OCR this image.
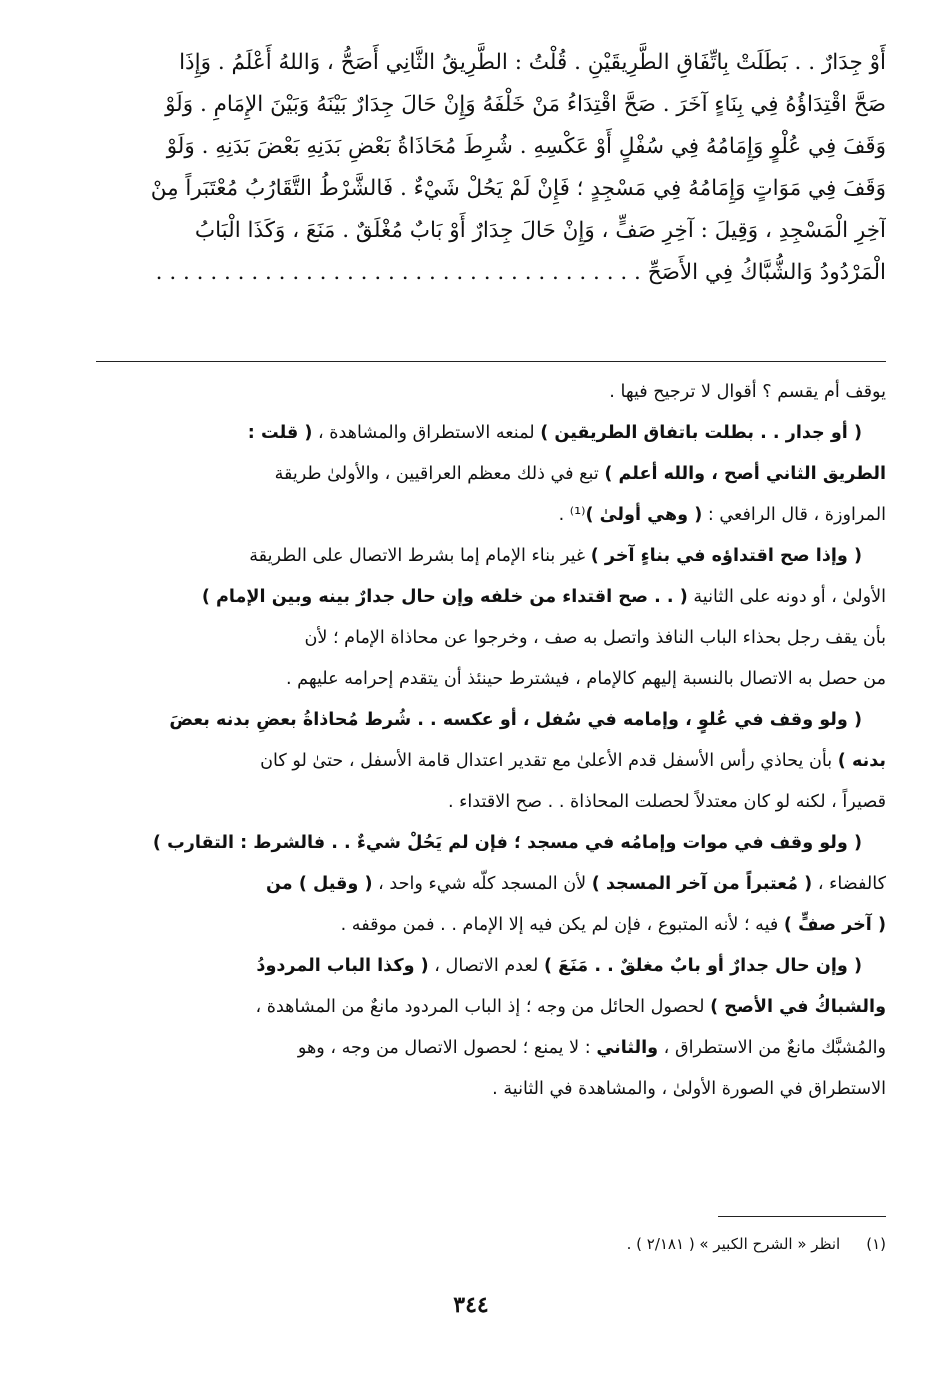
أَوْ جِدَارٌ . . بَطَلَتْ بِاتِّفَاقِ الطَّرِيقَيْنِ . قُلْتُ : الطَّرِيقُ الثَّانِي أَصَحُّ ، وَاللهُ أَعْلَمُ . وَإِذَا
صَحَّ اقْتِدَاؤُهُ فِي بِنَاءٍ آخَرَ . صَحَّ اقْتِدَاءُ مَنْ خَلْفَهُ وَإِنْ حَالَ جِدَارٌ بَيْنَهُ وَبَيْنَ الإِمَامِ . وَلَوْ
وَقَفَ فِي عُلْوٍ وَإِمَامُهُ فِي سُفْلٍ أَوْ عَكْسِهِ . شُرِطَ مُحَاذَاةُ بَعْضِ بَدَنِهِ بَعْضَ بَدَنِهِ . وَلَوْ
وَقَفَ فِي مَوَاتٍ وَإِمَامُهُ فِي مَسْجِدٍ ؛ فَإِنْ لَمْ يَحُلْ شَيْءٌ . فَالشَّرْطُ التَّقَارُبُ مُعْتَبَراً مِنْ
آخِرِ الْمَسْجِدِ ، وَقِيلَ : آخِرِ صَفٍّ ، وَإِنْ حَالَ جِدَارٌ أَوْ بَابٌ مُغْلَقٌ . مَنَعَ ، وَكَذَا الْبَابُ
الْمَرْدُودُ وَالشُّبَّاكُ فِي الأَصَحِّ . . . . . . . . . . . . . . . . . . . . . . . . . . . . . . . . . . . .

يوقف أم يقسم ؟ أقوال لا ترجيح فيها .

( أو جدار . . بطلت باتفاق الطريقين ) لمنعه الاستطراق والمشاهدة ، ( قلت :
الطريق الثاني أصح ، والله أعلم ) تبع في ذلك معظم العراقيين ، والأولىٰ طريقة
المراوزة ، قال الرافعي : ( وهي أولىٰ )⁽¹⁾ .

( وإذا صح اقتداؤه في بناءٍ آخر ) غير بناء الإمام إما بشرط الاتصال على الطريقة
الأولىٰ ، أو دونه على الثانية ( . . صح اقتداء من خلفه وإن حال جدارٌ بينه وبين الإمام )
بأن يقف رجل بحذاء الباب النافذ واتصل به صف ، وخرجوا عن محاذاة الإمام ؛ لأن
من حصل به الاتصال بالنسبة إليهم كالإمام ، فيشترط حينئذ أن يتقدم إحرامه عليهم .

( ولو وقف في عُلوٍ ، وإمامه في سُفل ، أو عكسه . . شُرط مُحاذاةُ بعضِ بدنه بعضَ
بدنه ) بأن يحاذي رأس الأسفل قدم الأعلىٰ مع تقدير اعتدال قامة الأسفل ، حتىٰ لو كان
قصيراً ، لكنه لو كان معتدلاً لحصلت المحاذاة . . صح الاقتداء .

( ولو وقف في موات وإمامُه في مسجد ؛ فإن لم يَحُلْ شيءٌ . . فالشرط : التقارب )
كالفضاء ، ( مُعتبراً من آخر المسجد ) لأن المسجد كلّه شيء واحد ، ( وقيل ) من
( آخر صفٍّ ) فيه ؛ لأنه المتبوع ، فإن لم يكن فيه إلا الإمام . . فمن موقفه .

( وإن حال جدارٌ أو بابٌ مغلقٌ . . مَنَعَ ) لعدم الاتصال ، ( وكذا الباب المردودُ
والشباكُ في الأصح ) لحصول الحائل من وجه ؛ إذ الباب المردود مانعٌ من المشاهدة ،
والمُشبَّك مانعٌ من الاستطراق ، والثاني : لا يمنع ؛ لحصول الاتصال من وجه ، وهو
الاستطراق في الصورة الأولىٰ ، والمشاهدة في الثانية .

(١)انظر « الشرح الكبير » ( ٢/١٨١ ) .
٣٤٤
